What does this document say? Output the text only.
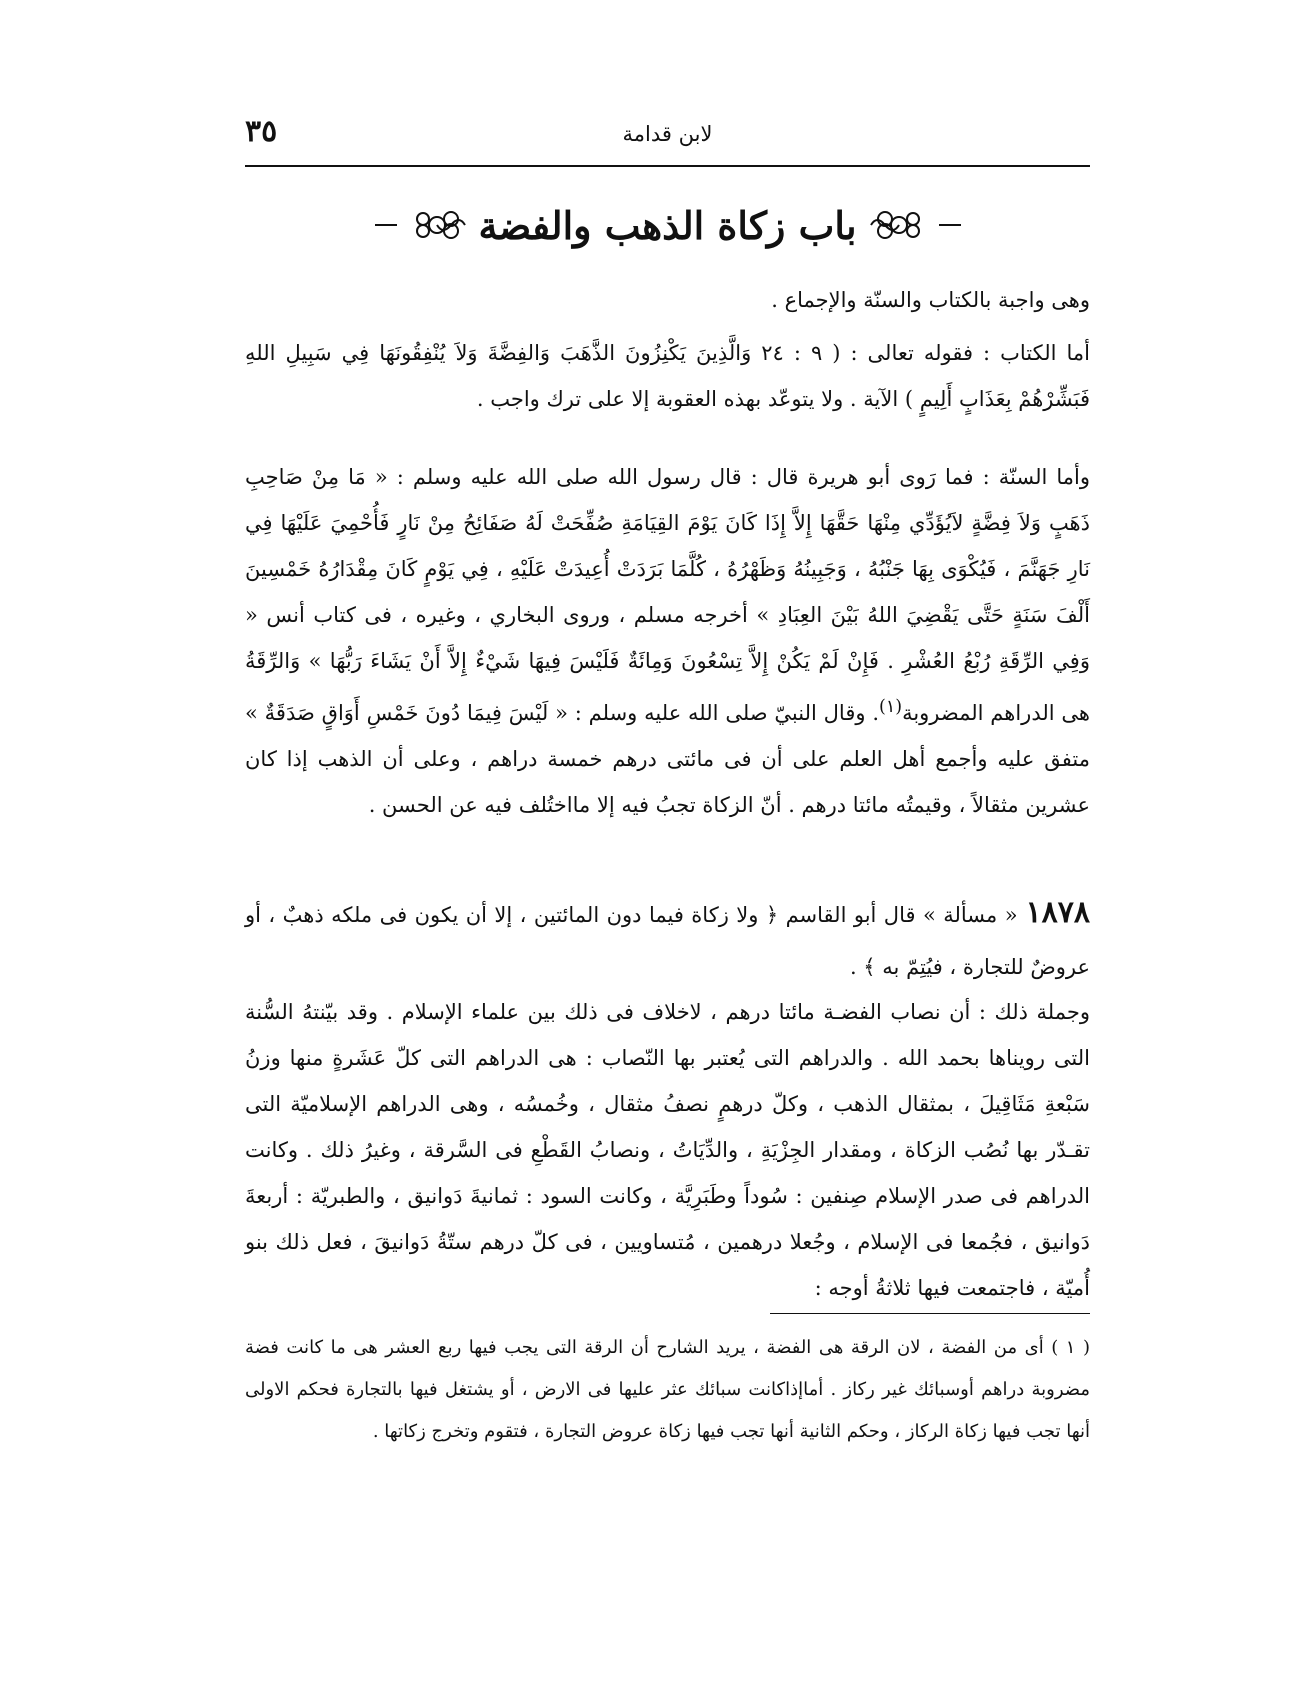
لابن قدامة
٣٥
باب زكاة الذهب والفضة
وهى واجبة بالكتاب والسنّة والإجماع .
أما الكتاب : فقوله تعالى : ( ٩ : ٢٤ وَالَّذِينَ يَكْنِزُونَ الذَّهَبَ وَالفِضَّةَ وَلاَ يُنْفِقُونَهَا فِي سَبِيلِ اللهِ فَبَشِّرْهُمْ بِعَذَابٍ أَلِيمٍ ) الآية . ولا يتوعّد بهذه العقوبة إلا على ترك واجب .
وأما السنّة : فما رَوى أبو هريرة قال : قال رسول الله صلى الله عليه وسلم : « مَا مِنْ صَاحِبِ ذَهَبٍ وَلاَ فِضَّةٍ لاَيُؤَدِّي مِنْهَا حَقَّهَا إِلاَّ إِذَا كَانَ يَوْمَ القِيَامَةِ صُفِّحَتْ لَهُ صَفَائِحُ مِنْ نَارٍ فَأُحْمِيَ عَلَيْهَا فِي نَارِ جَهَنَّمَ ، فَيُكْوَى بِهَا جَنْبُهُ ، وَجَبِينُهُ وَظَهْرُهُ ، كُلَّمَا بَرَدَتْ أُعِيدَتْ عَلَيْهِ ، فِي يَوْمٍ كَانَ مِقْدَارُهُ خَمْسِينَ أَلْفَ سَنَةٍ حَتَّى يَقْضِيَ اللهُ بَيْنَ العِبَادِ » أخرجه مسلم ، وروى البخاري ، وغيره ، فى كتاب أنس « وَفِي الرِّقَةِ رُبْعُ العُشْرِ . فَإِنْ لَمْ يَكُنْ إِلاَّ تِسْعُونَ وَمِائَةٌ فَلَيْسَ فِيهَا شَيْءٌ إِلاَّ أَنْ يَشَاءَ رَبُّهَا » وَالرِّقَةُ هى الدراهم المضروبة$^{(١)}$. وقال النبيّ صلى الله عليه وسلم : « لَيْسَ فِيمَا دُونَ خَمْسِ أَوَاقٍ صَدَقَةٌ » متفق عليه وأجمع أهل العلم على أن فى مائتى درهم خمسة دراهم ، وعلى أن الذهب إذا كان عشرين مثقالاً ، وقيمتُه مائتا درهم . أنّ الزكاة تجبُ فيه إلا مااختُلف فيه عن الحسن .
١٨٧٨« مسألة » قال أبو القاسم ﴿ ولا زكاة فيما دون المائتين ، إلا أن يكون فى ملكه ذهبٌ ، أو عروضٌ للتجارة ، فيُتِمّ به ﴾ .
وجملة ذلك : أن نصاب الفضـة مائتا درهم ، لاخلاف فى ذلك بين علماء الإسلام . وقد بيّنتهُ السُّنة التى رويناها بحمد الله . والدراهم التى يُعتبر بها النّصاب : هى الدراهم التى كلّ عَشَرةٍ منها وزنُ سَبْعةِ مَثَاقِيلَ ، بمثقال الذهب ، وكلّ درهمٍ نصفُ مثقال ، وخُمسُه ، وهى الدراهم الإسلاميّة التى تقـدّر بها نُصُب الزكاة ، ومقدار الجِزْيَةِ ، والدِّيَاتُ ، ونصابُ القَطْعِ فى السَّرقة ، وغيرُ ذلك . وكانت الدراهم فى صدر الإسلام صِنفين : سُوداً وطَبَرِيَّة ، وكانت السود : ثمانيةَ دَوانيق ، والطبريّة : أربعةَ دَوانيق ، فجُمعا فى الإسلام ، وجُعلا درهمين ، مُتساويين ، فى كلّ درهم ستّةُ دَوانيقَ ، فعل ذلك بنو أُميّة ، فاجتمعت فيها ثلاثةُ أوجه :
( ١ ) أى من الفضة ، لان الرقة هى الفضة ، يريد الشارح أن الرقة التى يجب فيها ربع العشر هى ما كانت فضة مضروبة دراهم أوسبائك غير ركاز . أماإذاكانت سبائك عثر عليها فى الارض ، أو يشتغل فيها بالتجارة فحكم الاولى أنها تجب فيها زكاة الركاز ، وحكم الثانية أنها تجب فيها زكاة عروض التجارة ، فتقوم وتخرج زكاتها .
